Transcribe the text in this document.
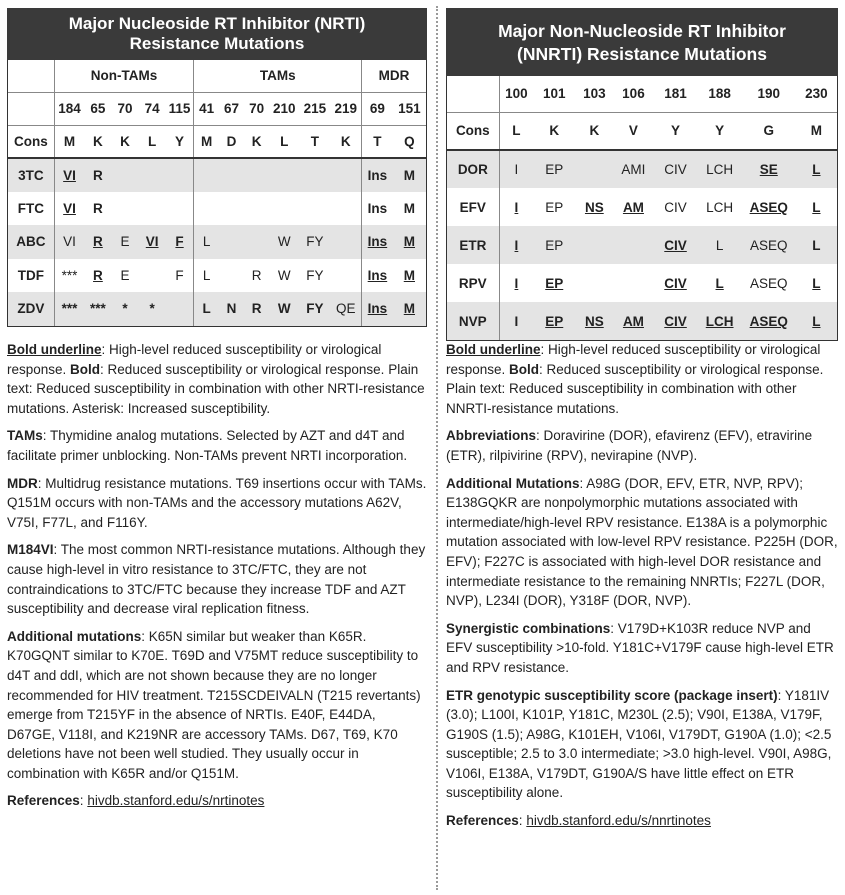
Major Nucleoside RT Inhibitor (NRTI)
Resistance Mutations
	Non-TAMs					TAMs						MDR	
	184	65	70	74	115	41	67	70	210	215	219	69	151
Cons	M	K	K	L	Y	M	D	K	L	T	K	T	Q
3TC	VI	R										Ins	M
FTC	VI	R										Ins	M
ABC	VI	R	E	VI	F	L			W	FY		Ins	M
TDF	***	R	E		F	L		R	W	FY		Ins	M
ZDV	***	***	*	*		L	N	R	W	FY	QE	Ins	M

Bold underline: High-level reduced susceptibility or virological response. Bold: Reduced susceptibility or virological response. Plain text: Reduced susceptibility in combination with other NRTI-resistance mutations. Asterisk: Increased susceptibility.

TAMs: Thymidine analog mutations. Selected by AZT and d4T and facilitate primer unblocking. Non-TAMs prevent NRTI incorporation.

MDR: Multidrug resistance mutations. T69 insertions occur with TAMs. Q151M occurs with non-TAMs and the accessory mutations A62V, V75I, F77L, and F116Y.

M184VI: The most common NRTI-resistance mutations. Although they cause high-level in vitro resistance to 3TC/FTC, they are not contraindications to 3TC/FTC because they increase TDF and AZT susceptibility and decrease viral replication fitness.

Additional mutations: K65N similar but weaker than K65R. K70GQNT similar to K70E. T69D and V75MT reduce susceptibility to d4T and ddI, which are not shown because they are no longer recommended for HIV treatment. T215SCDEIVALN (T215 revertants) emerge from T215YF in the absence of NRTIs. E40F, E44DA, D67GE, V118I, and K219NR are accessory TAMs. D67, T69, K70 deletions have not been well studied. They usually occur in combination with K65R and/or Q151M.

References: hivdb.stanford.edu/s/nrtinotes

Major Non-Nucleoside RT Inhibitor
(NNRTI) Resistance Mutations
	100	101	103	106	181	188	190	230
Cons	L	K	K	V	Y	Y	G	M
DOR	I	EP		AMI	CIV	LCH	SE	L
EFV	I	EP	NS	AM	CIV	LCH	ASEQ	L
ETR	I	EP			CIV	L	ASEQ	L
RPV	I	EP			CIV	L	ASEQ	L
NVP	I	EP	NS	AM	CIV	LCH	ASEQ	L

Bold underline: High-level reduced susceptibility or virological response. Bold: Reduced susceptibility or virological response. Plain text: Reduced susceptibility in combination with other NNRTI-resistance mutations.

Abbreviations: Doravirine (DOR), efavirenz (EFV), etravirine (ETR), rilpivirine (RPV), nevirapine (NVP).

Additional Mutations: A98G (DOR, EFV, ETR, NVP, RPV); E138GQKR are nonpolymorphic mutations associated with intermediate/high-level RPV resistance. E138A is a polymorphic mutation associated with low-level RPV resistance. P225H (DOR, EFV); F227C is associated with high-level DOR resistance and intermediate resistance to the remaining NNRTIs; F227L (DOR, NVP), L234I (DOR), Y318F (DOR, NVP).

Synergistic combinations: V179D+K103R reduce NVP and EFV susceptibility >10-fold. Y181C+V179F cause high-level ETR and RPV resistance.

ETR genotypic susceptibility score (package insert): Y181IV (3.0); L100I, K101P, Y181C, M230L (2.5); V90I, E138A, V179F, G190S (1.5); A98G, K101EH, V106I, V179DT, G190A (1.0); <2.5 susceptible; 2.5 to 3.0 intermediate; >3.0 high-level. V90I, A98G, V106I, E138A, V179DT, G190A/S have little effect on ETR susceptibility alone.

References: hivdb.stanford.edu/s/nnrtinotes
